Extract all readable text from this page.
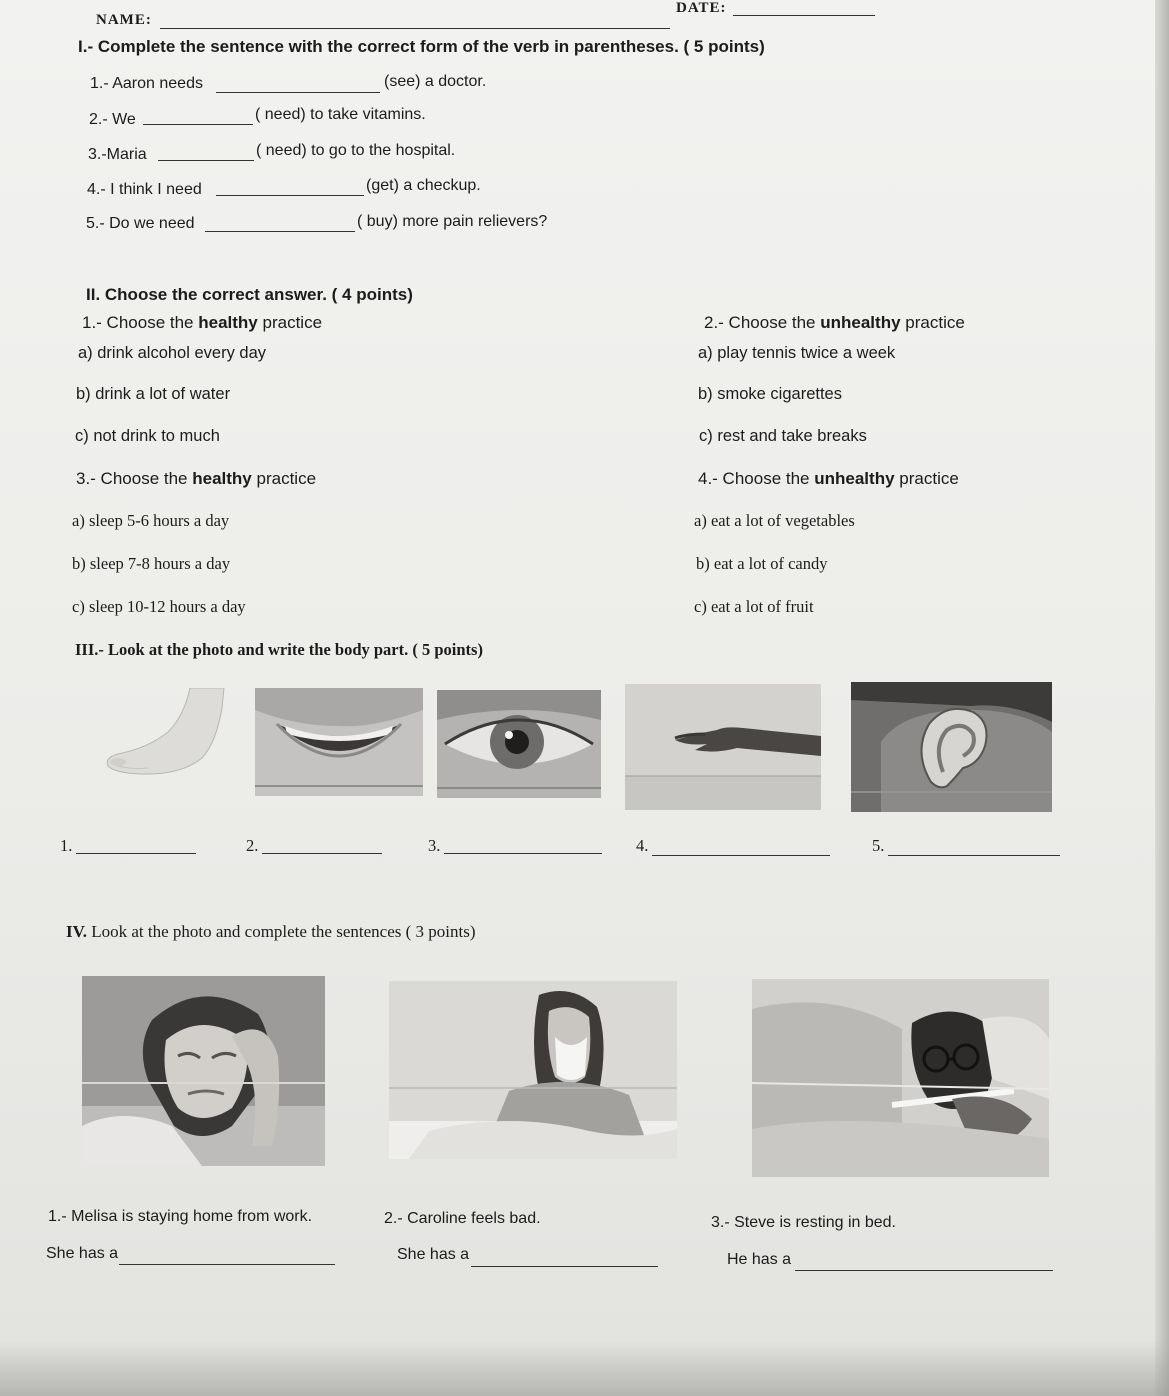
NAME:
DATE:
I.- Complete the sentence with the correct form of the verb in parentheses. ( 5 points)
1.- Aaron needs	(see) a doctor.
2.- We	( need) to take vitamins.
3.-Maria	( need) to go to the hospital.
4.- I think I need	(get) a checkup.
5.- Do we need	( buy) more pain relievers?
II. Choose the correct answer. ( 4 points)
1.- Choose the healthy practice
a) drink alcohol every day
b) drink a lot of water
c) not drink to much
2.- Choose the unhealthy practice
a) play tennis twice a week
b) smoke cigarettes
c) rest and take breaks
3.- Choose the healthy practice
a) sleep 5-6 hours a day
b) sleep 7-8 hours a day
c) sleep 10-12 hours a day
4.- Choose the unhealthy practice
a) eat a lot of vegetables
b) eat a lot of candy
c) eat a lot of fruit
III.- Look at the photo and write the body part. ( 5 points)
1.	2.	3.	4.	5.
IV. Look at the photo and complete the sentences ( 3 points)
1.- Melisa is staying home from work.
She has a
2.- Caroline feels bad.
She has a
3.- Steve is resting in bed.
He has a
